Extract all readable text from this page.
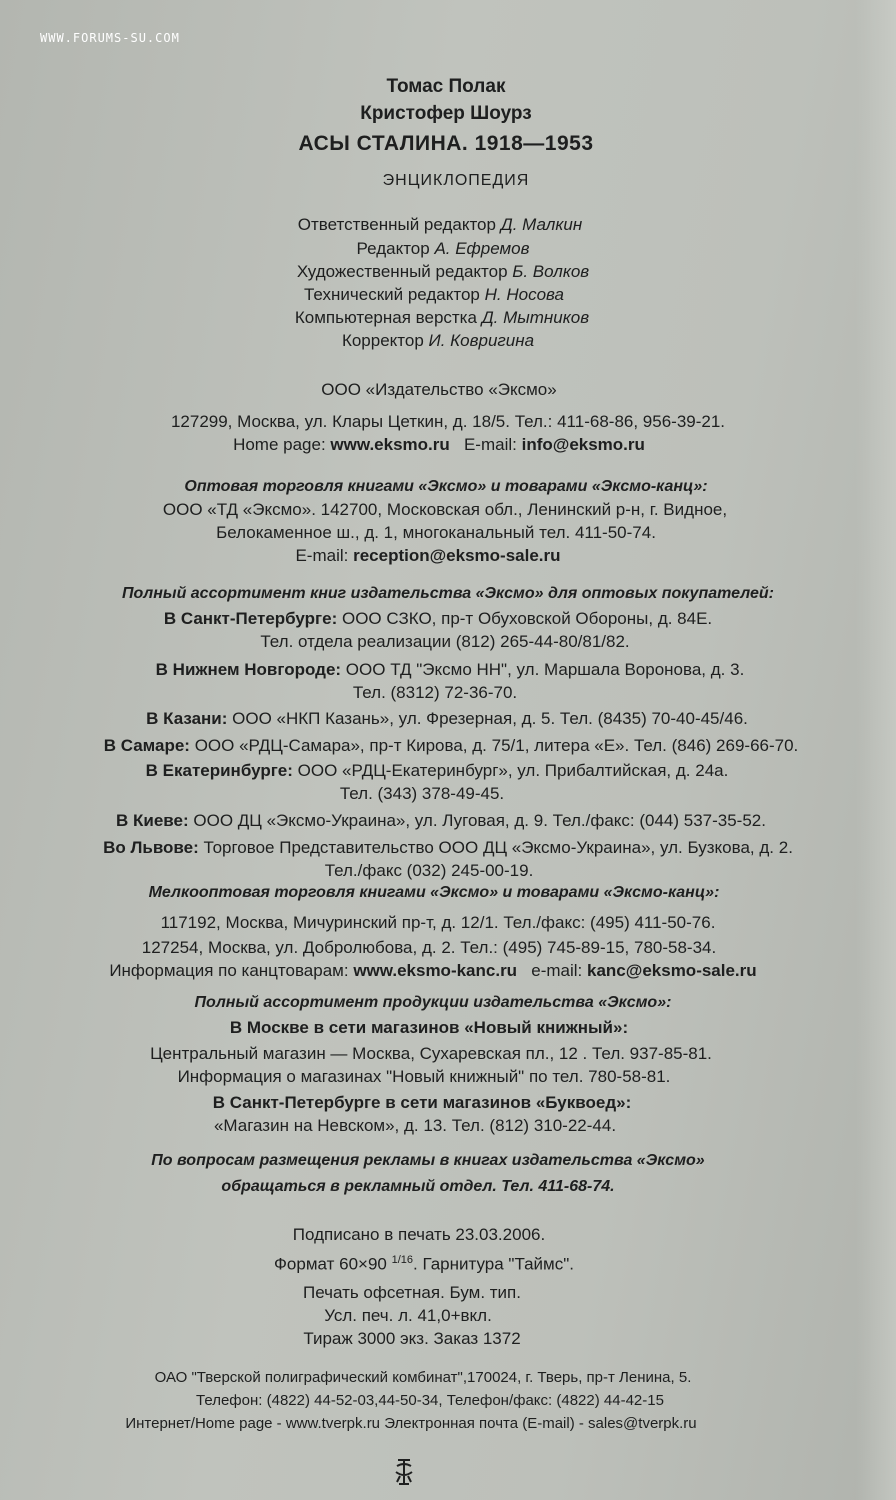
WWW.FORUMS-SU.COM
Томас Полак
Кристофер Шоурз
АСЫ СТАЛИНА. 1918—1953
ЭНЦИКЛОПЕДИЯ
Ответственный редактор Д. Малкин
Редактор А. Ефремов
Художественный редактор Б. Волков
Технический редактор Н. Носова
Компьютерная верстка Д. Мытников
Корректор И. Ковригина
ООО «Издательство «Эксмо»
127299, Москва, ул. Клары Цеткин, д. 18/5. Тел.: 411-68-86, 956-39-21.
Home page: www.eksmo.ru E-mail: info@eksmo.ru
Оптовая торговля книгами «Эксмо» и товарами «Эксмо-канц»:
ООО «ТД «Эксмо». 142700, Московская обл., Ленинский р-н, г. Видное,
Белокаменное ш., д. 1, многоканальный тел. 411-50-74.
E-mail: reception@eksmo-sale.ru
Полный ассортимент книг издательства «Эксмо» для оптовых покупателей:
В Санкт-Петербурге: ООО СЗКО, пр-т Обуховской Обороны, д. 84Е.
Тел. отдела реализации (812) 265-44-80/81/82.
В Нижнем Новгороде: ООО ТД "Эксмо НН", ул. Маршала Воронова, д. 3.
Тел. (8312) 72-36-70.
В Казани: ООО «НКП Казань», ул. Фрезерная, д. 5. Тел. (8435) 70-40-45/46.
В Самаре: ООО «РДЦ-Самара», пр-т Кирова, д. 75/1, литера «Е». Тел. (846) 269-66-70.
В Екатеринбурге: ООО «РДЦ-Екатеринбург», ул. Прибалтийская, д. 24а.
Тел. (343) 378-49-45.
В Киеве: ООО ДЦ «Эксмо-Украина», ул. Луговая, д. 9. Тел./факс: (044) 537-35-52.
Во Львове: Торговое Представительство ООО ДЦ «Эксмо-Украина», ул. Бузкова, д. 2.
Тел./факс (032) 245-00-19.
Мелкооптовая торговля книгами «Эксмо» и товарами «Эксмо-канц»:
117192, Москва, Мичуринский пр-т, д. 12/1. Тел./факс: (495) 411-50-76.
127254, Москва, ул. Добролюбова, д. 2. Тел.: (495) 745-89-15, 780-58-34.
Информация по канцтоварам: www.eksmo-kanc.ru e-mail: kanc@eksmo-sale.ru
Полный ассортимент продукции издательства «Эксмо»:
В Москве в сети магазинов «Новый книжный»:
Центральный магазин — Москва, Сухаревская пл., 12 . Тел. 937-85-81.
Информация о магазинах "Новый книжный" по тел. 780-58-81.
В Санкт-Петербурге в сети магазинов «Буквоед»:
«Магазин на Невском», д. 13. Тел. (812) 310-22-44.
По вопросам размещения рекламы в книгах издательства «Эксмо»
обращаться в рекламный отдел. Тел. 411-68-74.
Подписано в печать 23.03.2006.
Формат 60×90 $^{1/16}$. Гарнитура "Таймс".
Печать офсетная. Бум. тип.
Усл. печ. л. 41,0+вкл.
Тираж 3000 экз. Заказ 1372
ОАО "Тверской полиграфический комбинат",170024, г. Тверь, пр-т Ленина, 5.
Телефон: (4822) 44-52-03,44-50-34, Телефон/факс: (4822) 44-42-15
Интернет/Home page - www.tverpk.ru Электронная почта (E-mail) - sales@tverpk.ru
